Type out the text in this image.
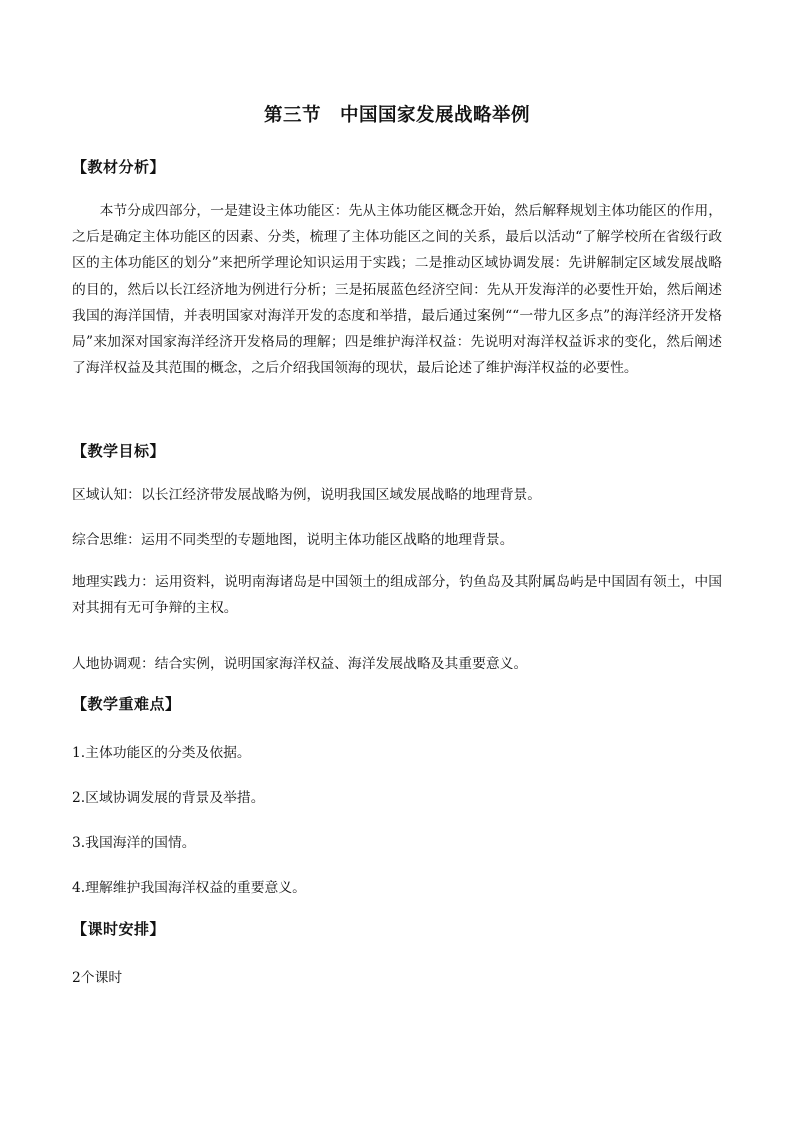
第三节　中国国家发展战略举例
【教材分析】

本节分成四部分，一是建设主体功能区：先从主体功能区概念开始，然后解释规划主体功能区的作用，之后是确定主体功能区的因素、分类，梳理了主体功能区之间的关系，最后以活动“了解学校所在省级行政区的主体功能区的划分”来把所学理论知识运用于实践；二是推动区域协调发展：先讲解制定区域发展战略的目的，然后以长江经济地为例进行分析；三是拓展蓝色经济空间：先从开发海洋的必要性开始，然后阐述我国的海洋国情，并表明国家对海洋开发的态度和举措，最后通过案例““一带九区多点”的海洋经济开发格局”来加深对国家海洋经济开发格局的理解；四是维护海洋权益：先说明对海洋权益诉求的变化，然后阐述了海洋权益及其范围的概念，之后介绍我国领海的现状，最后论述了维护海洋权益的必要性。

【教学目标】

区域认知：以长江经济带发展战略为例，说明我国区域发展战略的地理背景。

综合思维：运用不同类型的专题地图，说明主体功能区战略的地理背景。

地理实践力：运用资料，说明南海诸岛是中国领土的组成部分，钓鱼岛及其附属岛屿是中国固有领土，中国对其拥有无可争辩的主权。

人地协调观：结合实例，说明国家海洋权益、海洋发展战略及其重要意义。

【教学重难点】

1.主体功能区的分类及依据。

2.区域协调发展的背景及举措。

3.我国海洋的国情。

4.理解维护我国海洋权益的重要意义。

【课时安排】

2个课时
